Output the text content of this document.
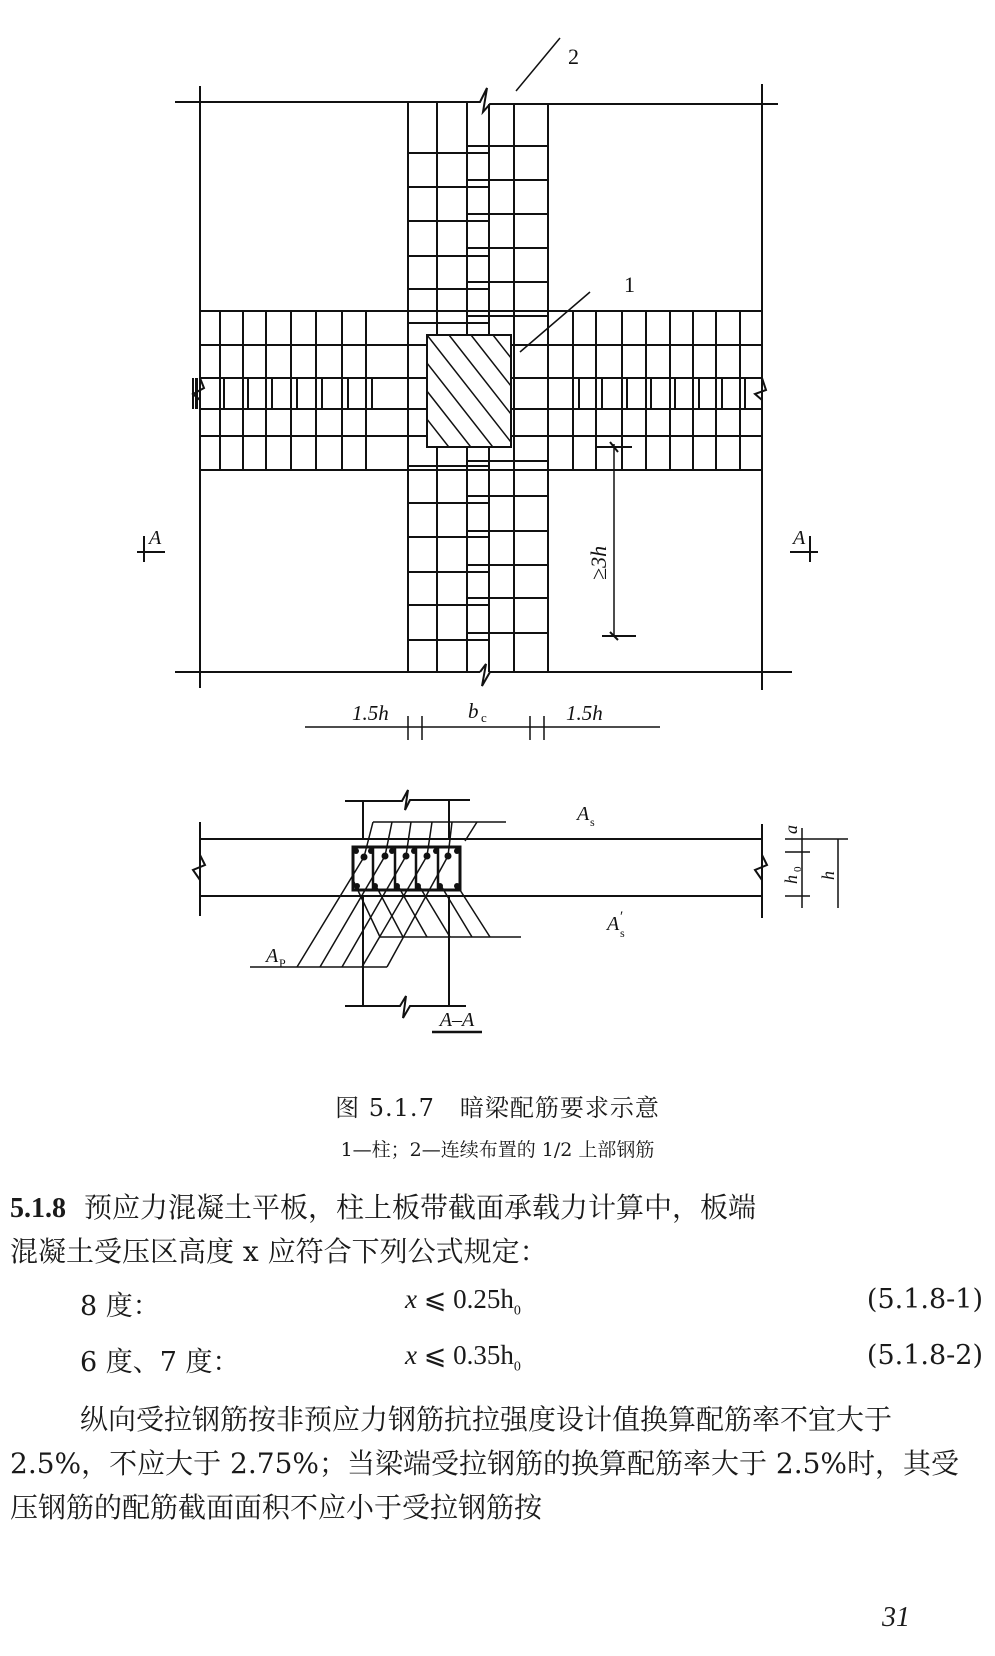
2
1
A	A
≥3h
1.5h	b c	1.5h
A s
A s
′
A P
a
h
0
h
A–A
图 5.1.7　暗梁配筋要求示意
1—柱；2—连续布置的 1/2 上部钢筋
5.1.8 预应力混凝土平板，柱上板带截面承载力计算中，板端
混凝土受压区高度 x 应符合下列公式规定：
8 度：	x ⩽ $0.25h_0$	(5.1.8-1)
6 度、7 度：	x ⩽ $0.35h_0$	(5.1.8-2)
纵向受拉钢筋按非预应力钢筋抗拉强度设计值换算配筋率不宜大于 2.5%，不应大于 2.75%；当梁端受拉钢筋的换算配筋率大于 2.5%时，其受压钢筋的配筋截面面积不应小于受拉钢筋按
31
